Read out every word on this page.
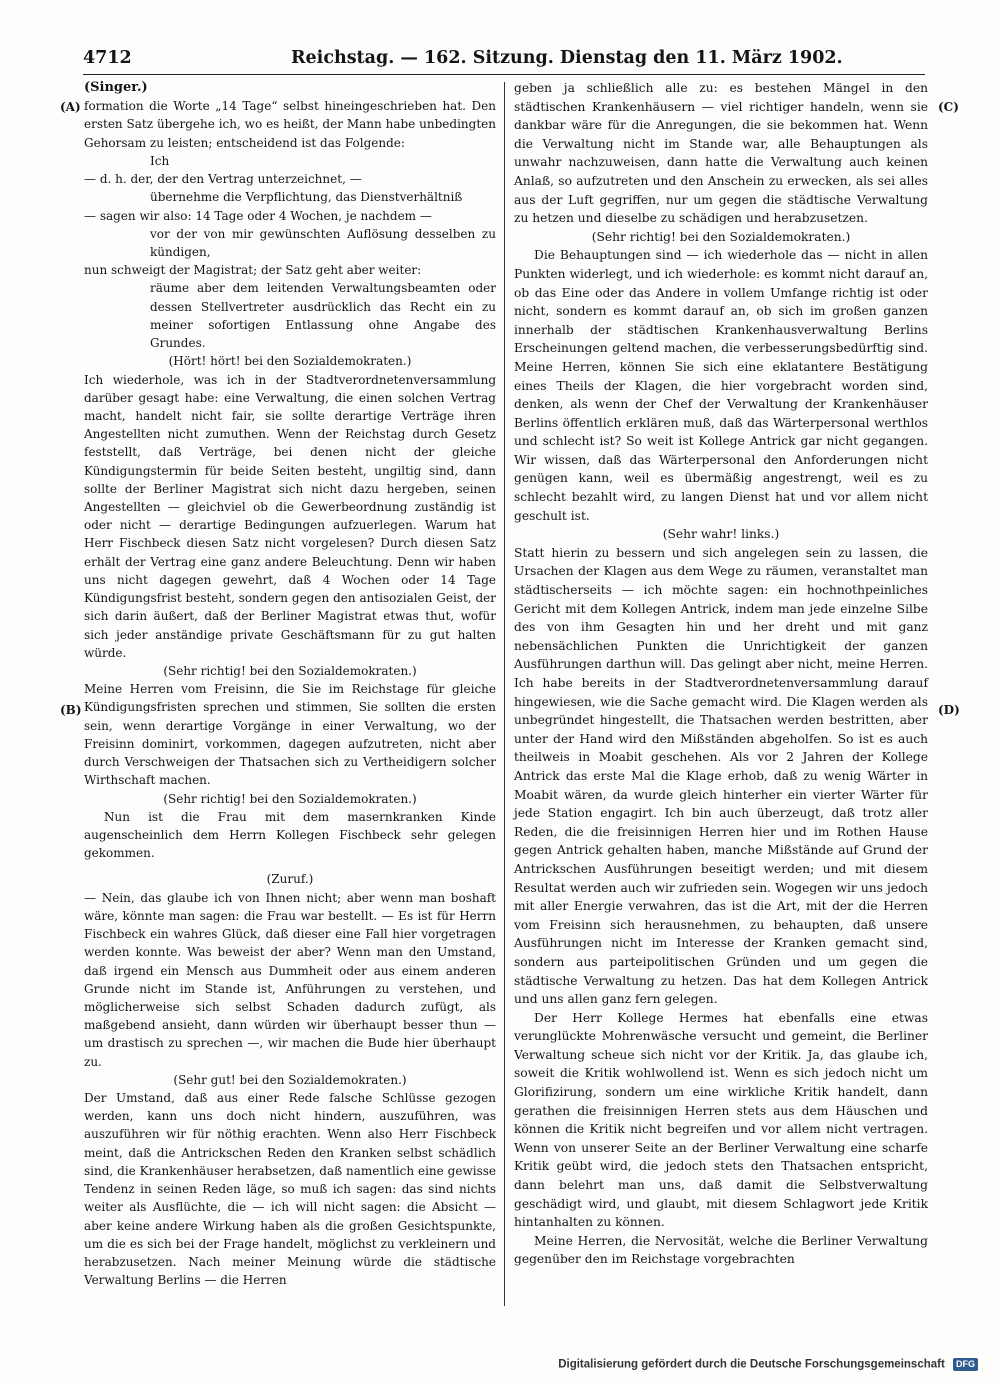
4712	Reichstag. — 162. Sitzung. Dienstag den 11. März 1902.
(A)
(B)
(C)
(D)

(Singer.)

formation die Worte „14 Tage“ selbst hineingeschrieben hat. Den ersten Satz übergehe ich, wo es heißt, der Mann habe unbedingten Gehorsam zu leisten; entscheidend ist das Folgende:

Ich

— d. h. der, der den Vertrag unterzeichnet, —

übernehme die Verpflichtung, das Dienstverhältniß

— sagen wir also: 14 Tage oder 4 Wochen, je nachdem —

vor der von mir gewünschten Auflösung desselben zu kündigen,

nun schweigt der Magistrat; der Satz geht aber weiter:

räume aber dem leitenden Verwaltungsbeamten oder dessen Stellvertreter ausdrücklich das Recht ein zu meiner sofortigen Entlassung ohne Angabe des Grundes.

(Hört! hört! bei den Sozialdemokraten.)

Ich wiederhole, was ich in der Stadtverordnetenversammlung darüber gesagt habe: eine Verwaltung, die einen solchen Vertrag macht, handelt nicht fair, sie sollte derartige Verträge ihren Angestellten nicht zumuthen. Wenn der Reichstag durch Gesetz feststellt, daß Verträge, bei denen nicht der gleiche Kündigungstermin für beide Seiten besteht, ungiltig sind, dann sollte der Berliner Magistrat sich nicht dazu hergeben, seinen Angestellten — gleichviel ob die Gewerbeordnung zuständig ist oder nicht — derartige Bedingungen aufzuerlegen. Warum hat Herr Fischbeck diesen Satz nicht vorgelesen? Durch diesen Satz erhält der Vertrag eine ganz andere Beleuchtung. Denn wir haben uns nicht dagegen gewehrt, daß 4 Wochen oder 14 Tage Kündigungsfrist besteht, sondern gegen den antisozialen Geist, der sich darin äußert, daß der Berliner Magistrat etwas thut, wofür sich jeder anständige private Geschäftsmann für zu gut halten würde.

(Sehr richtig! bei den Sozialdemokraten.)

Meine Herren vom Freisinn, die Sie im Reichstage für gleiche Kündigungsfristen sprechen und stimmen, Sie sollten die ersten sein, wenn derartige Vorgänge in einer Verwaltung, wo der Freisinn dominirt, vorkommen, dagegen aufzutreten, nicht aber durch Verschweigen der Thatsachen sich zu Vertheidigern solcher Wirthschaft machen.

(Sehr richtig! bei den Sozialdemokraten.)

Nun ist die Frau mit dem masernkranken Kinde augenscheinlich dem Herrn Kollegen Fischbeck sehr gelegen gekommen.

(Zuruf.)

— Nein, das glaube ich von Ihnen nicht; aber wenn man boshaft wäre, könnte man sagen: die Frau war bestellt. — Es ist für Herrn Fischbeck ein wahres Glück, daß dieser eine Fall hier vorgetragen werden konnte. Was beweist der aber? Wenn man den Umstand, daß irgend ein Mensch aus Dummheit oder aus einem anderen Grunde nicht im Stande ist, Anführungen zu verstehen, und möglicherweise sich selbst Schaden dadurch zufügt, als maßgebend ansieht, dann würden wir überhaupt besser thun — um drastisch zu sprechen —, wir machen die Bude hier überhaupt zu.

(Sehr gut! bei den Sozialdemokraten.)

Der Umstand, daß aus einer Rede falsche Schlüsse gezogen werden, kann uns doch nicht hindern, auszuführen, was auszuführen wir für nöthig erachten. Wenn also Herr Fischbeck meint, daß die Antrickschen Reden den Kranken selbst schädlich sind, die Krankenhäuser herabsetzen, daß namentlich eine gewisse Tendenz in seinen Reden läge, so muß ich sagen: das sind nichts weiter als Ausflüchte, die — ich will nicht sagen: die Absicht — aber keine andere Wirkung haben als die großen Gesichtspunkte, um die es sich bei der Frage handelt, möglichst zu verkleinern und herabzusetzen. Nach meiner Meinung würde die städtische Verwaltung Berlins — die Herren

geben ja schließlich alle zu: es bestehen Mängel in den städtischen Krankenhäusern — viel richtiger handeln, wenn sie dankbar wäre für die Anregungen, die sie bekommen hat. Wenn die Verwaltung nicht im Stande war, alle Behauptungen als unwahr nachzuweisen, dann hatte die Verwaltung auch keinen Anlaß, so aufzutreten und den Anschein zu erwecken, als sei alles aus der Luft gegriffen, nur um gegen die städtische Verwaltung zu hetzen und dieselbe zu schädigen und herabzusetzen.

(Sehr richtig! bei den Sozialdemokraten.)

Die Behauptungen sind — ich wiederhole das — nicht in allen Punkten widerlegt, und ich wiederhole: es kommt nicht darauf an, ob das Eine oder das Andere in vollem Umfange richtig ist oder nicht, sondern es kommt darauf an, ob sich im großen ganzen innerhalb der städtischen Krankenhausverwaltung Berlins Erscheinungen geltend machen, die verbesserungsbedürftig sind. Meine Herren, können Sie sich eine eklatantere Bestätigung eines Theils der Klagen, die hier vorgebracht worden sind, denken, als wenn der Chef der Verwaltung der Krankenhäuser Berlins öffentlich erklären muß, daß das Wärterpersonal werthlos und schlecht ist? So weit ist Kollege Antrick gar nicht gegangen. Wir wissen, daß das Wärterpersonal den Anforderungen nicht genügen kann, weil es übermäßig angestrengt, weil es zu schlecht bezahlt wird, zu langen Dienst hat und vor allem nicht geschult ist.

(Sehr wahr! links.)

Statt hierin zu bessern und sich angelegen sein zu lassen, die Ursachen der Klagen aus dem Wege zu räumen, veranstaltet man städtischerseits — ich möchte sagen: ein hochnothpeinliches Gericht mit dem Kollegen Antrick, indem man jede einzelne Silbe des von ihm Gesagten hin und her dreht und mit ganz nebensächlichen Punkten die Unrichtigkeit der ganzen Ausführungen darthun will. Das gelingt aber nicht, meine Herren. Ich habe bereits in der Stadtverordnetenversammlung darauf hingewiesen, wie die Sache gemacht wird. Die Klagen werden als unbegründet hingestellt, die Thatsachen werden bestritten, aber unter der Hand wird den Mißständen abgeholfen. So ist es auch theilweis in Moabit geschehen. Als vor 2 Jahren der Kollege Antrick das erste Mal die Klage erhob, daß zu wenig Wärter in Moabit wären, da wurde gleich hinterher ein vierter Wärter für jede Station engagirt. Ich bin auch überzeugt, daß trotz aller Reden, die die freisinnigen Herren hier und im Rothen Hause gegen Antrick gehalten haben, manche Mißstände auf Grund der Antrickschen Ausführungen beseitigt werden; und mit diesem Resultat werden auch wir zufrieden sein. Wogegen wir uns jedoch mit aller Energie verwahren, das ist die Art, mit der die Herren vom Freisinn sich herausnehmen, zu behaupten, daß unsere Ausführungen nicht im Interesse der Kranken gemacht sind, sondern aus parteipolitischen Gründen und um gegen die städtische Verwaltung zu hetzen. Das hat dem Kollegen Antrick und uns allen ganz fern gelegen.

Der Herr Kollege Hermes hat ebenfalls eine etwas verunglückte Mohrenwäsche versucht und gemeint, die Berliner Verwaltung scheue sich nicht vor der Kritik. Ja, das glaube ich, soweit die Kritik wohlwollend ist. Wenn es sich jedoch nicht um Glorifizirung, sondern um eine wirkliche Kritik handelt, dann gerathen die freisinnigen Herren stets aus dem Häuschen und können die Kritik nicht begreifen und vor allem nicht vertragen. Wenn von unserer Seite an der Berliner Verwaltung eine scharfe Kritik geübt wird, die jedoch stets den Thatsachen entspricht, dann belehrt man uns, daß damit die Selbstverwaltung geschädigt wird, und glaubt, mit diesem Schlagwort jede Kritik hintanhalten zu können.

Meine Herren, die Nervosität, welche die Berliner Verwaltung gegenüber den im Reichstage vorgebrachten

Digitalisierung gefördert durch die Deutsche Forschungsgemeinschaft DFG
